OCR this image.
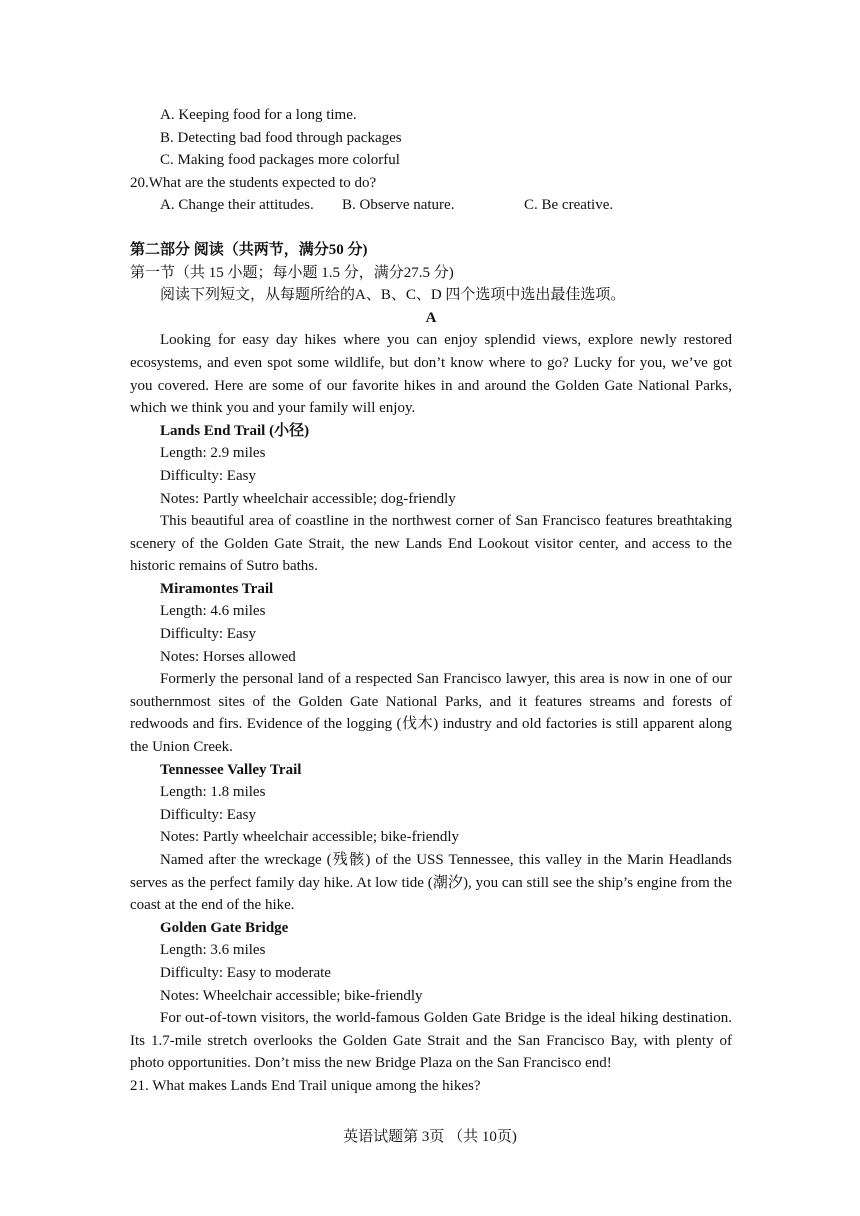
A. Keeping food for a long time.
B. Detecting bad food through packages
C. Making food packages more colorful
20.What are the students expected to do?
A. Change their attitudes.	B. Observe nature.	C. Be creative.
第二部分 阅读（共两节，满分50 分)
第一节（共 15 小题；每小题 1.5 分，满分27.5 分)
阅读下列短文，从每题所给的A、B、C、D 四个选项中选出最佳选项。
A
Looking for easy day hikes where you can enjoy splendid views, explore newly restored ecosystems, and even spot some wildlife, but don’t know where to go? Lucky for you, we’ve got you covered. Here are some of our favorite hikes in and around the Golden Gate National Parks, which we think you and your family will enjoy.
Lands End Trail (小径)
Length: 2.9 miles
Difficulty: Easy
Notes: Partly wheelchair accessible; dog-friendly
This beautiful area of coastline in the northwest corner of San Francisco features breathtaking scenery of the Golden Gate Strait, the new Lands End Lookout visitor center, and access to the historic remains of Sutro baths.
Miramontes Trail
Length: 4.6 miles
Difficulty: Easy
Notes: Horses allowed
Formerly the personal land of a respected San Francisco lawyer, this area is now in one of our southernmost sites of the Golden Gate National Parks, and it features streams and forests of redwoods and firs. Evidence of the logging (伐木) industry and old factories is still apparent along the Union Creek.
Tennessee Valley Trail
Length: 1.8 miles
Difficulty: Easy
Notes: Partly wheelchair accessible; bike-friendly
Named after the wreckage (残骸) of the USS Tennessee, this valley in the Marin Headlands serves as the perfect family day hike. At low tide (潮汐), you can still see the ship’s engine from the coast at the end of the hike.
Golden Gate Bridge
Length: 3.6 miles
Difficulty: Easy to moderate
Notes: Wheelchair accessible; bike-friendly
For out-of-town visitors, the world-famous Golden Gate Bridge is the ideal hiking destination. Its 1.7-mile stretch overlooks the Golden Gate Strait and the San Francisco Bay, with plenty of photo opportunities. Don’t miss the new Bridge Plaza on the San Francisco end!
21. What makes Lands End Trail unique among the hikes?
英语试题第 3页 （共 10页)
